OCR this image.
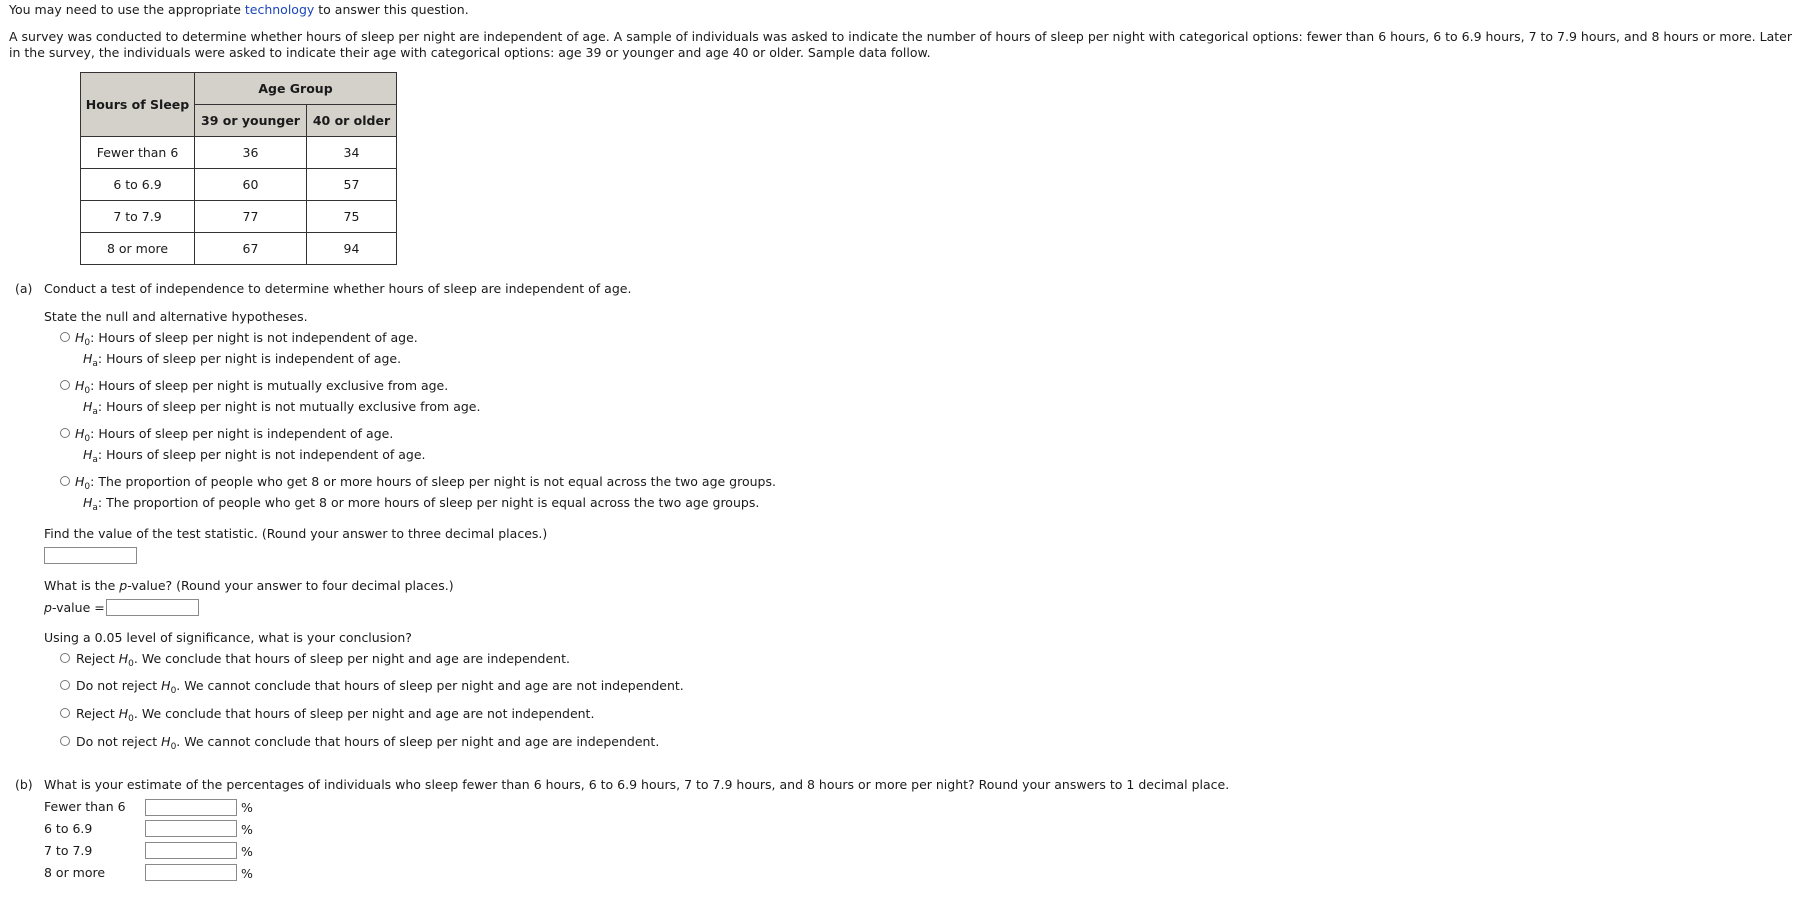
You may need to use the appropriate technology to answer this question.
A survey was conducted to determine whether hours of sleep per night are independent of age. A sample of individuals was asked to indicate the number of hours of sleep per night with categorical options: fewer than 6 hours, 6 to 6.9 hours, 7 to 7.9 hours, and 8 hours or more. Later in the survey, the individuals were asked to indicate their age with categorical options: age 39 or younger and age 40 or older. Sample data follow.
Hours of Sleep	Age Group	
	39 or younger	40 or older
Fewer than 6	36	34
6 to 6.9	60	57
7 to 7.9	77	75
8 or more	67	94
(a) Conduct a test of independence to determine whether hours of sleep are independent of age.
State the null and alternative hypotheses.
$H_0$: Hours of sleep per night is not independent of age.
$H_a$: Hours of sleep per night is independent of age.
$H_0$: Hours of sleep per night is mutually exclusive from age.
$H_a$: Hours of sleep per night is not mutually exclusive from age.
$H_0$: Hours of sleep per night is independent of age.
$H_a$: Hours of sleep per night is not independent of age.
$H_0$: The proportion of people who get 8 or more hours of sleep per night is not equal across the two age groups.
$H_a$: The proportion of people who get 8 or more hours of sleep per night is equal across the two age groups.
Find the value of the test statistic. (Round your answer to three decimal places.)
What is the p-value? (Round your answer to four decimal places.)
p-value =
Using a 0.05 level of significance, what is your conclusion?
Reject $H_0$. We conclude that hours of sleep per night and age are independent.
Do not reject $H_0$. We cannot conclude that hours of sleep per night and age are not independent.
Reject $H_0$. We conclude that hours of sleep per night and age are not independent.
Do not reject $H_0$. We cannot conclude that hours of sleep per night and age are independent.
(b) What is your estimate of the percentages of individuals who sleep fewer than 6 hours, 6 to 6.9 hours, 7 to 7.9 hours, and 8 hours or more per night? Round your answers to 1 decimal place.
Fewer than 6	%
6 to 6.9	%
7 to 7.9	%
8 or more	%
